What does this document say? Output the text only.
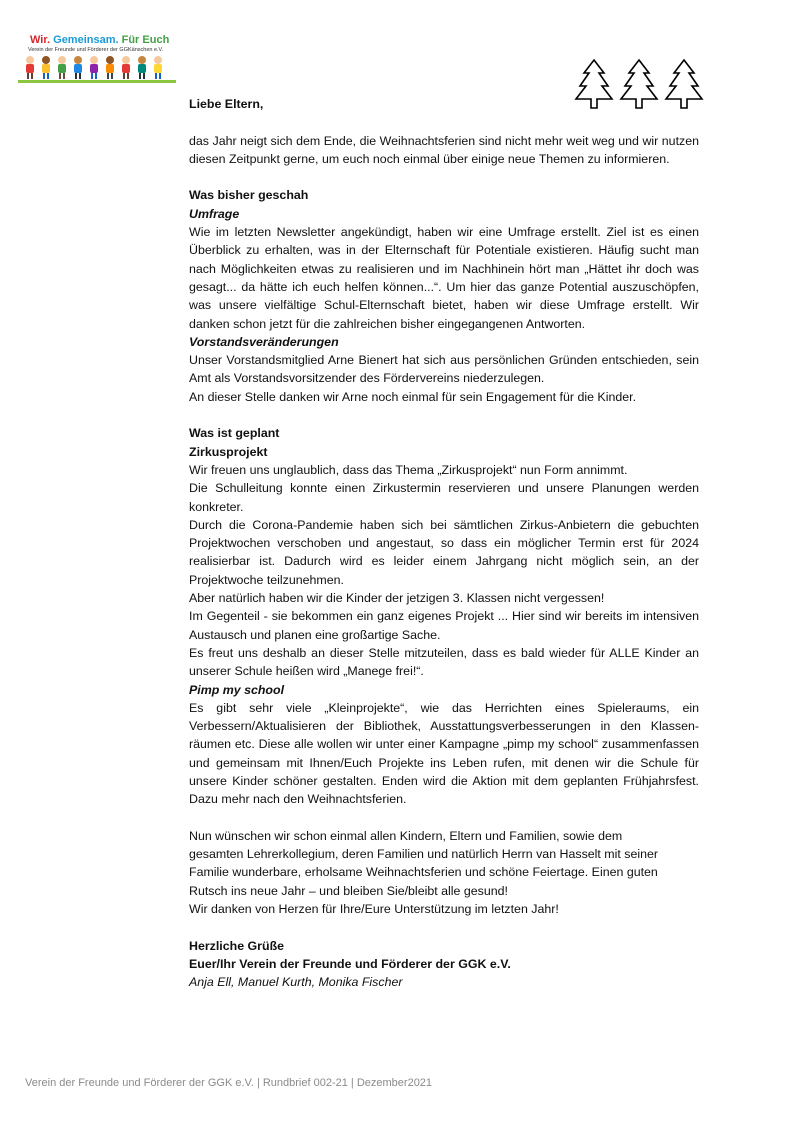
Wir. Gemeinsam. Für Euch
Verein der Freunde und Förderer der GGKänschen e.V.

Liebe Eltern,

das Jahr neigt sich dem Ende, die Weihnachtsferien sind nicht mehr weit weg und wir nutzen diesen Zeitpunkt gerne, um euch noch einmal über einige neue Themen zu informieren.

Was bisher geschah

Umfrage

Wie im letzten Newsletter angekündigt, haben wir eine Umfrage erstellt. Ziel ist es einen Überblick zu erhalten, was in der Elternschaft für Potentiale existieren. Häufig sucht man nach Möglichkeiten etwas zu realisieren und im Nachhinein hört man „Hättet ihr doch was gesagt... da hätte ich euch helfen können...“. Um hier das ganze Potential auszuschöpfen, was unsere vielfältige Schul-Elternschaft bietet, haben wir diese Umfrage erstellt. Wir danken schon jetzt für die zahlreichen bisher eingegangenen Antworten.

Vorstandsveränderungen

Unser Vorstandsmitglied Arne Bienert hat sich aus persönlichen Gründen entschieden, sein Amt als Vorstandsvorsitzender des Fördervereins niederzulegen.

An dieser Stelle danken wir Arne noch einmal für sein Engagement für die Kinder.

Was ist geplant

Zirkusprojekt

Wir freuen uns unglaublich, dass das Thema „Zirkusprojekt“ nun Form annimmt.

Die Schulleitung konnte einen Zirkustermin reservieren und unsere Planungen werden konkreter.

Durch die Corona-Pandemie haben sich bei sämtlichen Zirkus-Anbietern die gebuchten Projektwochen verschoben und angestaut, so dass ein möglicher Termin erst für 2024 realisierbar ist. Dadurch wird es leider einem Jahrgang nicht möglich sein, an der Projektwoche teilzunehmen.

Aber natürlich haben wir die Kinder der jetzigen 3. Klassen nicht vergessen!

Im Gegenteil - sie bekommen ein ganz eigenes Projekt ... Hier sind wir bereits im intensiven Austausch und planen eine großartige Sache.

Es freut uns deshalb an dieser Stelle mitzuteilen, dass es bald wieder für ALLE Kinder an unserer Schule heißen wird „Manege frei!“.

Pimp my school

Es gibt sehr viele „Kleinprojekte“, wie das Herrichten eines Spieleraums, ein Verbessern/Aktualisieren der Bibliothek, Ausstattungsverbesserungen in den Klassen-räumen etc. Diese alle wollen wir unter einer Kampagne „pimp my school“ zusammenfassen und gemeinsam mit Ihnen/Euch Projekte ins Leben rufen, mit denen wir die Schule für unsere Kinder schöner gestalten. Enden wird die Aktion mit dem geplanten Frühjahrsfest. Dazu mehr nach den Weihnachtsferien.

Nun wünschen wir schon einmal allen Kindern, Eltern und Familien, sowie dem

gesamten Lehrerkollegium, deren Familien und natürlich Herrn van Hasselt mit seiner

Familie wunderbare, erholsame Weihnachtsferien und schöne Feiertage. Einen guten

Rutsch ins neue Jahr – und bleiben Sie/bleibt alle gesund!

Wir danken von Herzen für Ihre/Eure Unterstützung im letzten Jahr!

Herzliche Grüße

Euer/Ihr Verein der Freunde und Förderer der GGK e.V.

Anja Ell, Manuel Kurth, Monika Fischer

Verein der Freunde und Förderer der GGK e.V. | Rundbrief 002-21 | Dezember2021
